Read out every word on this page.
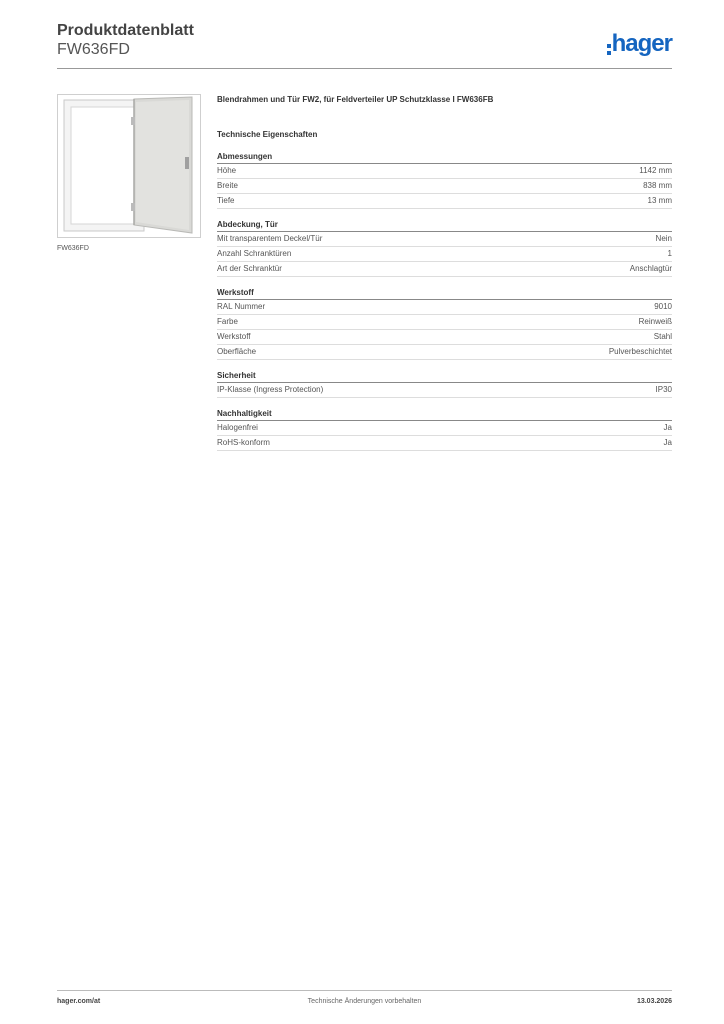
Produktdatenblatt
FW636FD	hager
FW636FD
Blendrahmen und Tür FW2, für Feldverteiler UP Schutzklasse I FW636FB
Technische Eigenschaften
Abmessungen
Höhe	1142 mm
Breite	838 mm
Tiefe	13 mm
Abdeckung, Tür
Mit transparentem Deckel/Tür	Nein
Anzahl Schranktüren	1
Art der Schranktür	Anschlagtür
Werkstoff
RAL Nummer	9010
Farbe	Reinweiß
Werkstoff	Stahl
Oberfläche	Pulverbeschichtet
Sicherheit
IP-Klasse (Ingress Protection)	IP30
Nachhaltigkeit
Halogenfrei	Ja
RoHS-konform	Ja
hager.com/at	Technische Änderungen vorbehalten	13.03.2026
